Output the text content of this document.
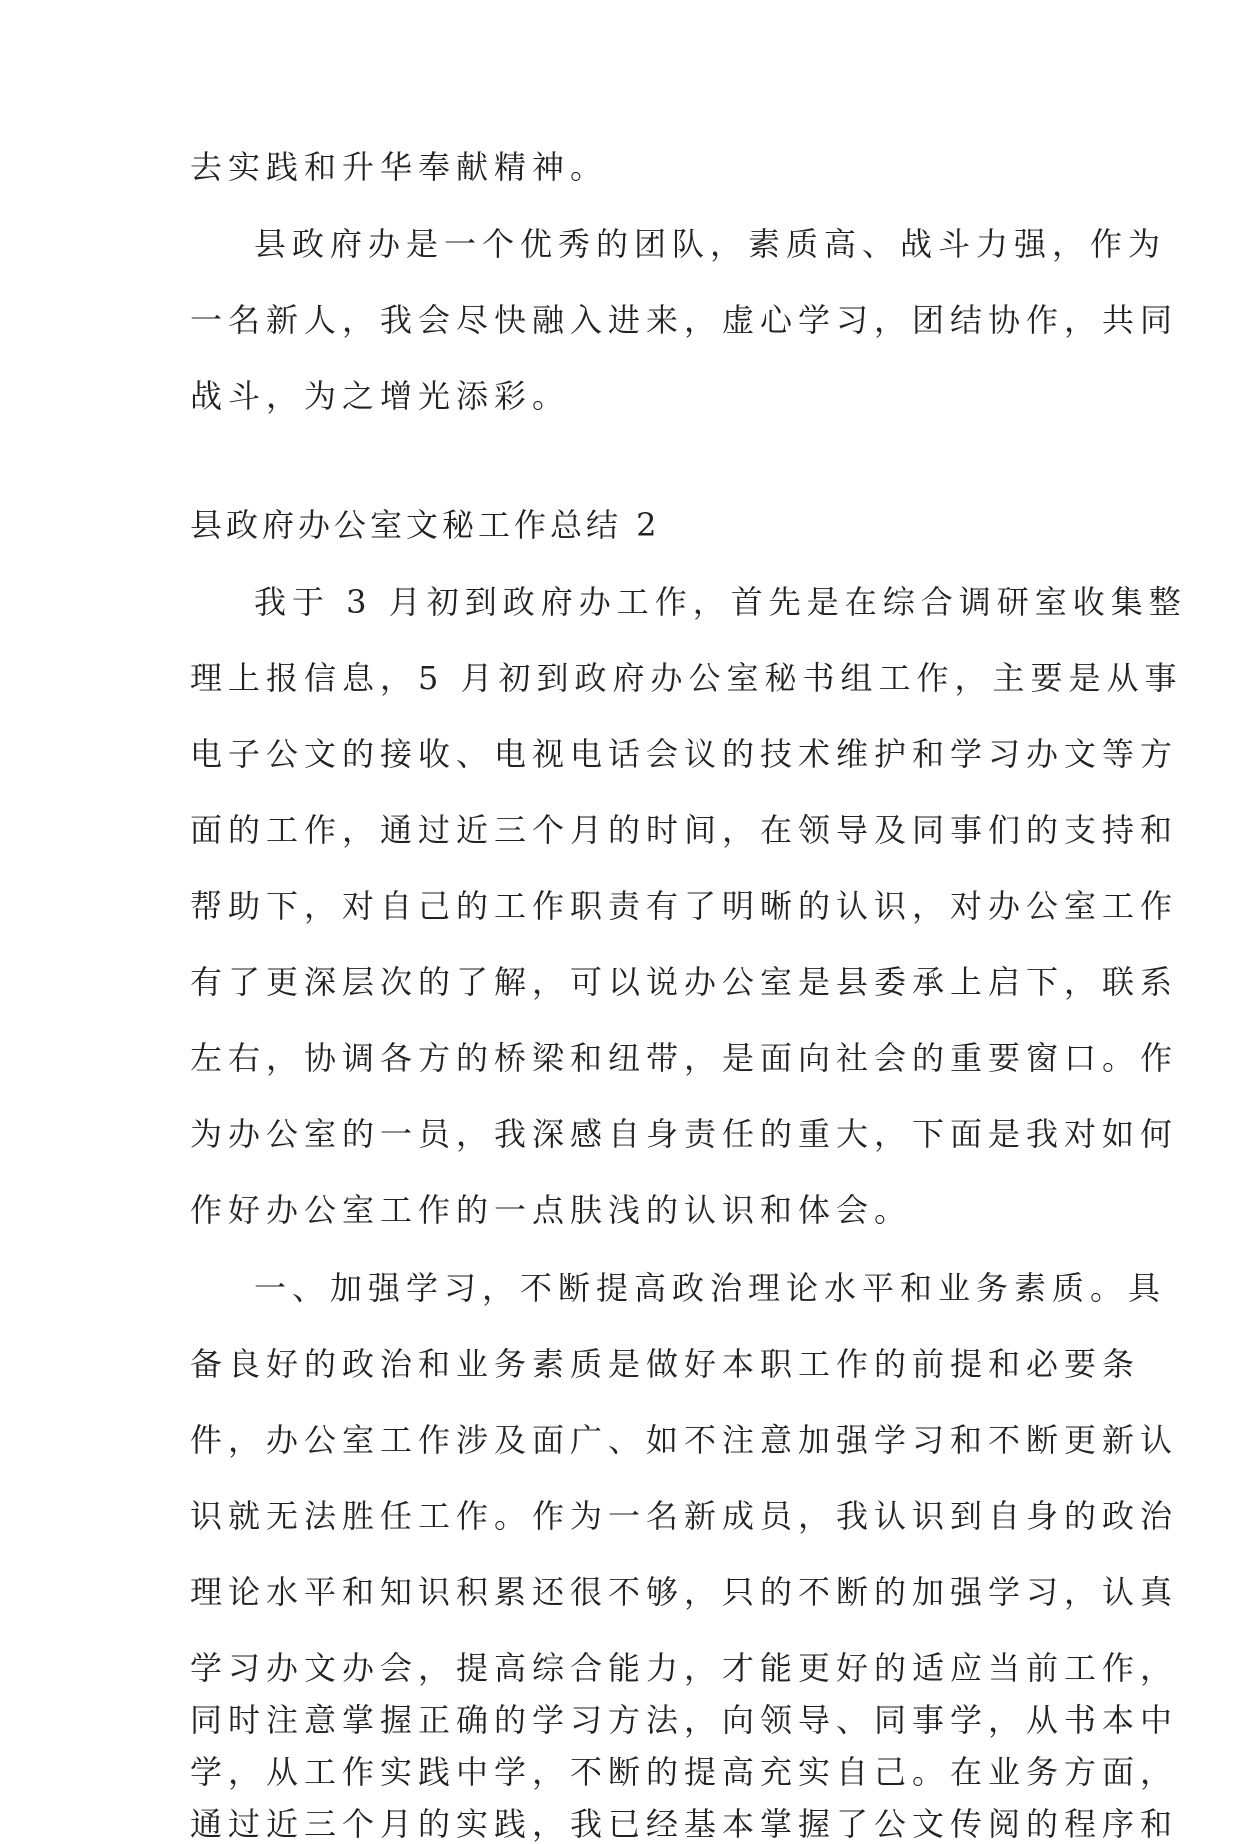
去实践和升华奉献精神。
县政府办是一个优秀的团队，素质高、战斗力强，作为
一名新人，我会尽快融入进来，虚心学习，团结协作，共同
战斗，为之增光添彩。
县政府办公室文秘工作总结 2
我于 3 月初到政府办工作，首先是在综合调研室收集整
理上报信息，5 月初到政府办公室秘书组工作，主要是从事
电子公文的接收、电视电话会议的技术维护和学习办文等方
面的工作，通过近三个月的时间，在领导及同事们的支持和
帮助下，对自己的工作职责有了明晰的认识，对办公室工作
有了更深层次的了解，可以说办公室是县委承上启下，联系
左右，协调各方的桥梁和纽带，是面向社会的重要窗口。作
为办公室的一员，我深感自身责任的重大，下面是我对如何
作好办公室工作的一点肤浅的认识和体会。
一、加强学习，不断提高政治理论水平和业务素质。具
备良好的政治和业务素质是做好本职工作的前提和必要条
件，办公室工作涉及面广、如不注意加强学习和不断更新认
识就无法胜任工作。作为一名新成员，我认识到自身的政治
理论水平和知识积累还很不够，只的不断的加强学习，认真
学习办文办会，提高综合能力，才能更好的适应当前工作，
同时注意掌握正确的学习方法，向领导、同事学，从书本中
学，从工作实践中学，不断的提高充实自己。在业务方面，
通过近三个月的实践，我已经基本掌握了公文传阅的程序和
